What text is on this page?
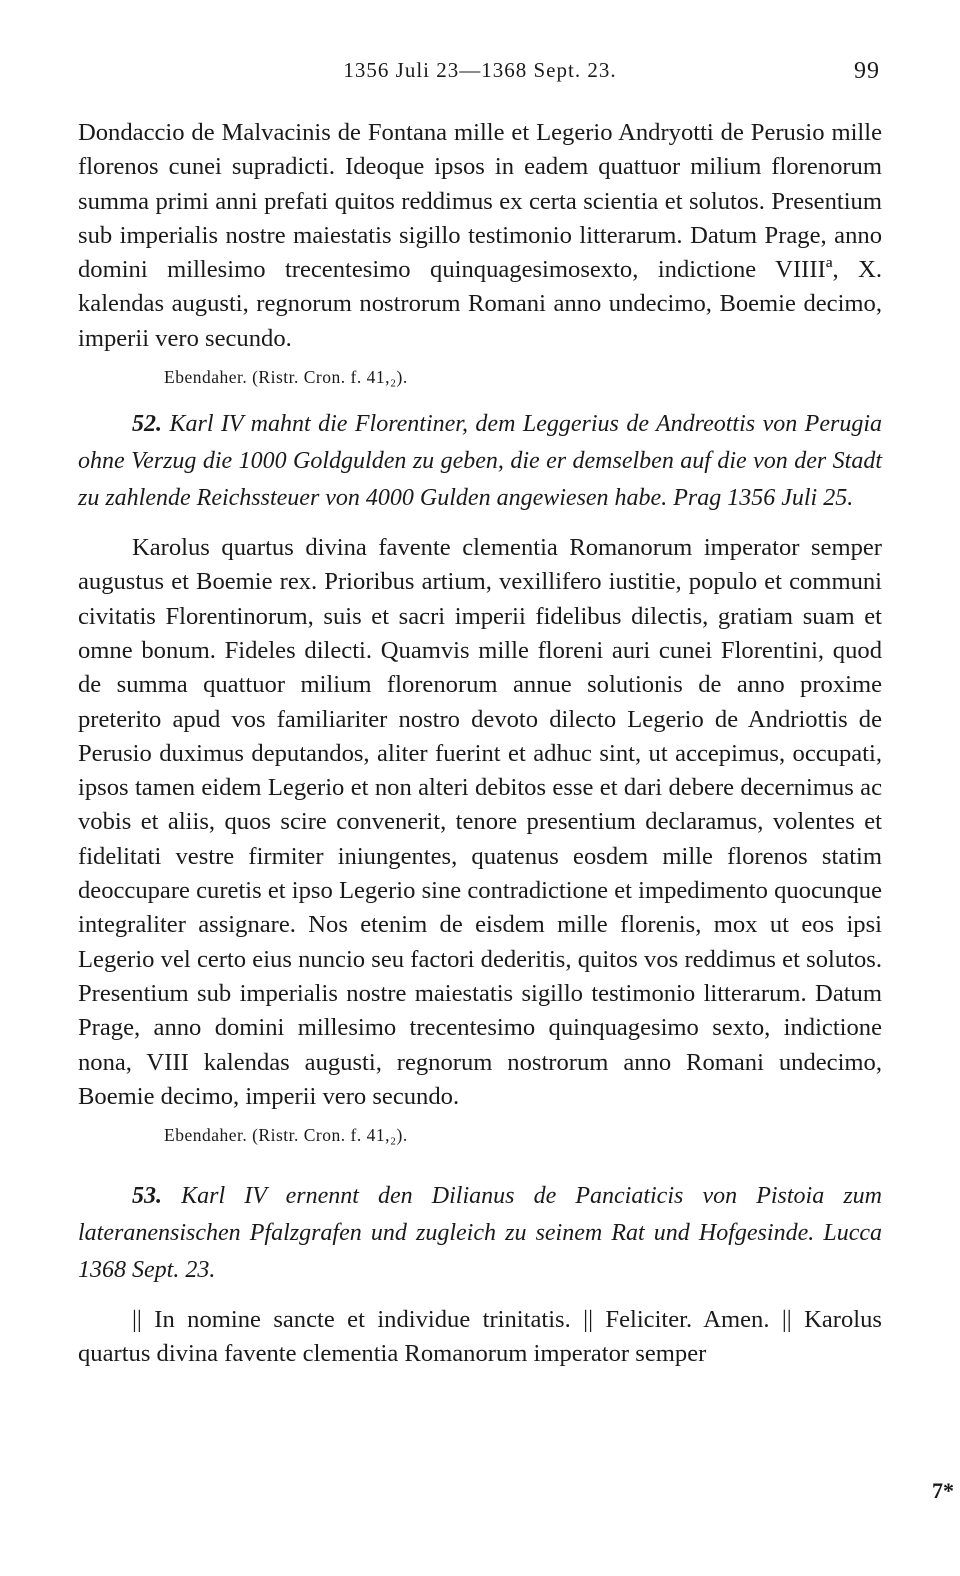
1356 Juli 23—1368 Sept. 23.	99

Dondaccio de Malvacinis de Fontana mille et Legerio Andryotti de Perusio mille florenos cunei supradicti. Ideoque ipsos in eadem quattuor milium florenorum summa primi anni prefati quitos reddimus ex certa scientia et solutos. Presentium sub imperialis nostre maiestatis sigillo testimonio litterarum. Datum Prage, anno domini millesimo trecentesimo quinquagesimosexto, indictione VIIIIª, X. kalendas augusti, regnorum nostrorum Romani anno undecimo, Boemie decimo, imperii vero secundo.

Ebendaher. (Ristr. Cron. f. 41,₂).

52. Karl IV mahnt die Florentiner, dem Leggerius de Andreottis von Perugia ohne Verzug die 1000 Goldgulden zu geben, die er demselben auf die von der Stadt zu zahlende Reichssteuer von 4000 Gulden angewiesen habe. Prag 1356 Juli 25.

Karolus quartus divina favente clementia Romanorum imperator semper augustus et Boemie rex. Prioribus artium, vexillifero iustitie, populo et communi civitatis Florentinorum, suis et sacri imperii fidelibus dilectis, gratiam suam et omne bonum. Fideles dilecti. Quamvis mille floreni auri cunei Florentini, quod de summa quattuor milium florenorum annue solutionis de anno proxime preterito apud vos familiariter nostro devoto dilecto Legerio de Andriottis de Perusio duximus deputandos, aliter fuerint et adhuc sint, ut accepimus, occupati, ipsos tamen eidem Legerio et non alteri debitos esse et dari debere decernimus ac vobis et aliis, quos scire convenerit, tenore presentium declaramus, volentes et fidelitati vestre firmiter iniungentes, quatenus eosdem mille florenos statim deoccupare curetis et ipso Legerio sine contradictione et impedimento quocunque integraliter assignare. Nos etenim de eisdem mille florenis, mox ut eos ipsi Legerio vel certo eius nuncio seu factori dederitis, quitos vos reddimus et solutos. Presentium sub imperialis nostre maiestatis sigillo testimonio litterarum. Datum Prage, anno domini millesimo trecentesimo quinquagesimo sexto, indictione nona, VIII kalendas augusti, regnorum nostrorum anno Romani undecimo, Boemie decimo, imperii vero secundo.

Ebendaher. (Ristr. Cron. f. 41,₂).

53. Karl IV ernennt den Dilianus de Panciaticis von Pistoia zum lateranensischen Pfalzgrafen und zugleich zu seinem Rat und Hofgesinde. Lucca 1368 Sept. 23.

|| In nomine sancte et individue trinitatis. || Feliciter. Amen. || Karolus quartus divina favente clementia Romanorum imperator semper

7*
